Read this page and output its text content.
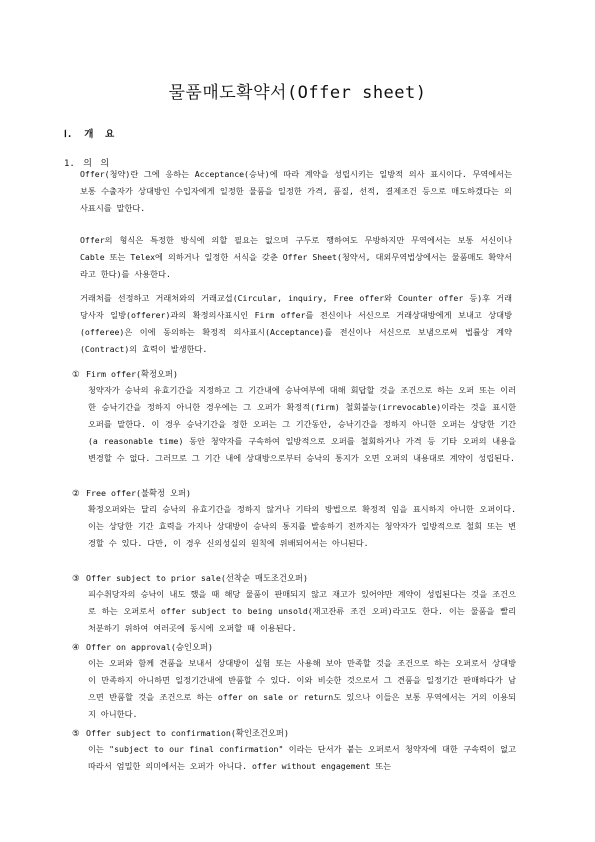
물품매도확약서(Offer sheet)
Ⅰ. 개 요
1. 의 의

Offer(청약)란 그에 응하는 Acceptance(승낙)에 따라 계약을 성립시키는 일방적 의사 표시이다. 무역에서는 보통 수출자가 상대방인 수입자에게 일정한 물품을 일정한 가격, 품질, 선적, 결제조건 등으로 매도하겠다는 의사표시를 말한다.

Offer의 형식은 특정한 방식에 의할 필요는 없으며 구두로 행하여도 무방하지만 무역에서는 보통 서신이나 Cable 또는 Telex에 의하거나 일정한 서식을 갖춘 Offer Sheet(청약서, 대외무역법상에서는 물품매도 확약서라고 한다)를 사용한다.

거래처를 선정하고 거래처와의 거래교섭(Circular, inquiry, Free offer와 Counter offer 등)후 거래 당사자 일방(offerer)과의 확정의사표시인 Firm offer를 전신이나 서신으로 거래상대방에게 보내고 상대방(offeree)은 이에 동의하는 확정적 의사표시(Acceptance)를 전신이나 서신으로 보냄으로써 법률상 계약(Contract)의 효력이 발생한다.

① Firm offer(확정오퍼)

청약자가 승낙의 유효기간을 지정하고 그 기간내에 승낙여부에 대해 회답할 것을 조건으로 하는 오퍼 또는 이러한 승낙기간을 정하지 아니한 경우에는 그 오퍼가 확정적(firm) 철회불능(irrevocable)이라는 것을 표시한 오퍼를 말한다. 이 경우 승낙기간을 정한 오퍼는 그 기간동안, 승낙기간을 정하지 아니한 오퍼는 상당한 기간(a reasonable time) 동안 청약자를 구속하여 일방적으로 오퍼를 철회하거나 가격 등 기타 오퍼의 내용을 변경할 수 없다. 그러므로 그 기간 내에 상대방으로부터 승낙의 통지가 오면 오퍼의 내용대로 계약이 성립된다.

② Free offer(불확정 오퍼)

확정오퍼와는 달리 승낙의 유효기간을 정하지 않거나 기타의 방법으로 확정적 임을 표시하지 아니한 오퍼이다. 이는 상당한 기간 효력을 가지나 상대방이 승낙의 통지를 발송하기 전까지는 청약자가 일방적으로 철회 또는 변경할 수 있다. 다만, 이 경우 신의성실의 원칙에 위배되어서는 아니된다.

③ Offer subject to prior sale(선착순 매도조건오퍼)

피수취당자의 승낙이 내도 했을 때 해당 물품이 판매되지 않고 재고가 있어야만 계약이 성립된다는 것을 조건으로 하는 오퍼로서 offer subject to being unsold(재고잔류 조건 오퍼)라고도 한다. 이는 물품을 빨리 처분하기 위하여 여러곳에 동시에 오퍼할 때 이용된다.

④ Offer on approval(승인오퍼)

이는 오퍼와 함께 견품을 보내서 상대방이 실험 또는 사용해 보아 만족할 것을 조건으로 하는 오퍼로서 상대방이 만족하지 아니하면 일정기간내에 반품할 수 있다. 이와 비슷한 것으로서 그 견품을 일정기간 판매하다가 남으면 반품할 것을 조건으로 하는 offer on sale or return도 있으나 이들은 보통 무역에서는 거의 이용되지 아니한다.

⑤ Offer subject to confirmation(확인조건오퍼)

이는 "subject to our final confirmation" 이라는 단서가 붙는 오퍼로서 청약자에 대한 구속력이 없고 따라서 엄밀한 의미에서는 오퍼가 아니다. offer without engagement 또는
